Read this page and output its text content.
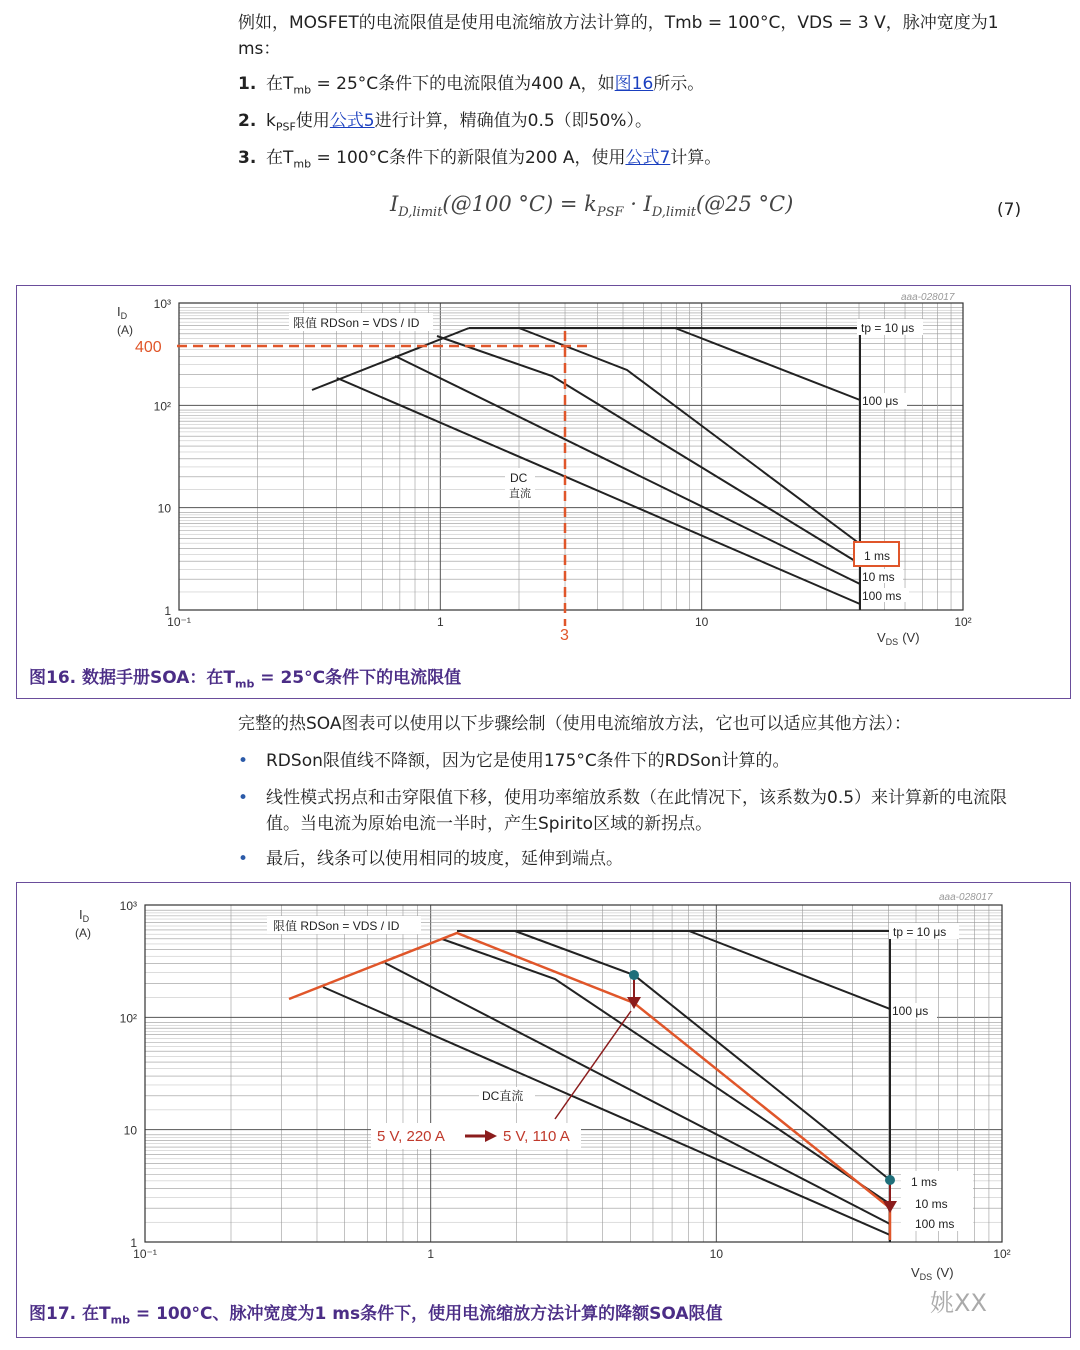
例如，MOSFET的电流限值是使用电流缩放方法计算的，Tmb = 100°C，VDS = 3 V，脉冲宽度为1 ms：
1. 在$T_{mb} = 25^\circ C$条件下的电流限值为400 A，如图16所示。
2. $k_{PSF}$使用公式5进行计算，精确值为0.5（即50%）。
3. 在$T_{mb} = 100^\circ C$条件下的新限值为200 A，使用公式7计算。
$I_{D,limit}(@100$ $^\circ C) = k_{PSF}$ · $I_{D,limit}(@25$ °C)	(7)
10³
10⁻¹
10²
1
10
10
1
10²
aaa-028017
$I_D$
(A)
$V_{DS}$ (V)
400
3
限值 RDSon = VDS / ID	tp = 10 μs
100 μs
1 ms
10 ms
100 ms
DC
直流
图16. 数据手册SOA：在$T_{mb} = 25^\circ C$条件下的电流限值
完整的热SOA图表可以使用以下步骤绘制（使用电流缩放方法，它也可以适应其他方法）：
• RDSon限值线不降额，因为它是使用175°C条件下的RDSon计算的。
•	线性模式拐点和击穿限值下移，使用功率缩放系数（在此情况下，该系数为0.5）来计算新的电流限值。当电流为原始电流一半时，产生Spirito区域的新拐点。
• 最后，线条可以使用相同的坡度，延伸到端点。
10³
10⁻¹
10²
1
10
10
1
10²
aaa-028017
$I_D$
(A)
$V_{DS}$ (V)
限值 RDSon = VDS / ID	tp = 10 μs
100 μs
1 ms
10 ms
100 ms
DC直流
5 V, 220 A	5 V, 110 A
图17. 在$T_{mb} = 100^\circ C$、脉冲宽度为1 ms条件下，使用电流缩放方法计算的降额SOA限值	姚XX
